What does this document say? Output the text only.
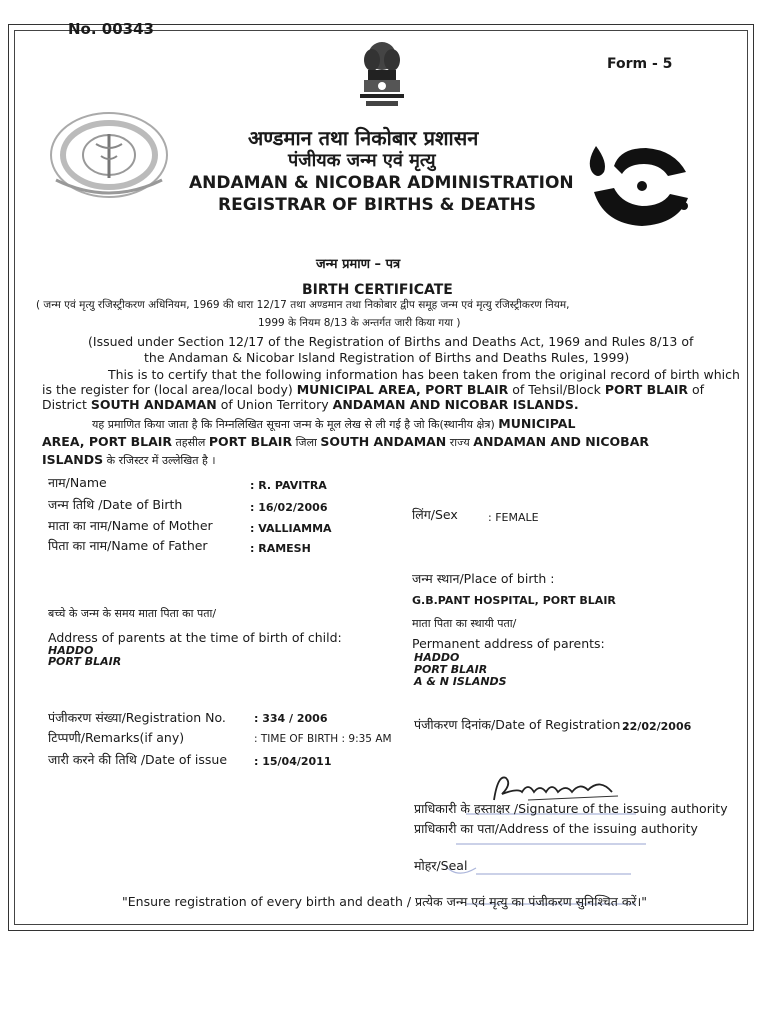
No. 00343
Form - 5
अण्डमान तथा निकोबार प्रशासन
पंजीयक जन्म एवं मृत्यु
ANDAMAN & NICOBAR ADMINISTRATION
REGISTRAR OF BIRTHS & DEATHS
जन्म प्रमाण – पत्र
BIRTH CERTIFICATE
( जन्म एवं मृत्यु रजिस्ट्रीकरण अधिनियम, 1969 की धारा 12/17 तथा अण्डमान तथा निकोबार द्वीप समूह जन्म एवं मृत्यु रजिस्ट्रीकरण नियम,
1999 के नियम 8/13 के अन्तर्गत जारी किया गया )
(Issued under Section 12/17 of the Registration of Births and Deaths Act, 1969 and Rules 8/13 of
the Andaman & Nicobar Island Registration of Births and Deaths Rules, 1999)
This is to certify that the following information has been taken from the original record of birth which
is the register for (local area/local body) MUNICIPAL AREA, PORT BLAIR of Tehsil/Block PORT BLAIR of
District SOUTH ANDAMAN of Union Territory ANDAMAN AND NICOBAR ISLANDS.
यह प्रमाणित किया जाता है कि निम्नलिखित सूचना जन्म के मूल लेख से ली गई है जो कि(स्थानीय क्षेत्र) MUNICIPAL
AREA, PORT BLAIR तहसील PORT BLAIR जिला SOUTH ANDAMAN राज्य ANDAMAN AND NICOBAR
ISLANDS के रजिस्टर में उल्लेखित है ।
नाम/Name	: R. PAVITRA
जन्म तिथि /Date of Birth	: 16/02/2006	लिंग/Sex	: FEMALE
माता का नाम/Name of Mother	: VALLIAMMA
पिता का नाम/Name of Father	: RAMESH
जन्म स्थान/Place of birth :
G.B.PANT HOSPITAL, PORT BLAIR
बच्चे के जन्म के समय माता पिता का पता/
Address of parents at the time of birth of child:
HADDO
PORT BLAIR
माता पिता का स्थायी पता/
Permanent address of parents:
HADDO
PORT BLAIR
A & N ISLANDS
पंजीकरण संख्या/Registration No.	: 334 / 2006	पंजीकरण दिनांक/Date of Registration :
22/02/2006
टिप्पणी/Remarks(if any)	: TIME OF BIRTH : 9:35 AM
जारी करने की तिथि /Date of issue : 15/04/2011
प्राधिकारी के हस्ताक्षर /Signature of the issuing authority
प्राधिकारी का पता/Address of the issuing authority
मोहर/Seal
"Ensure registration of every birth and death / प्रत्येक जन्म एवं मृत्यु का पंजीकरण सुनिश्चित करें।"
